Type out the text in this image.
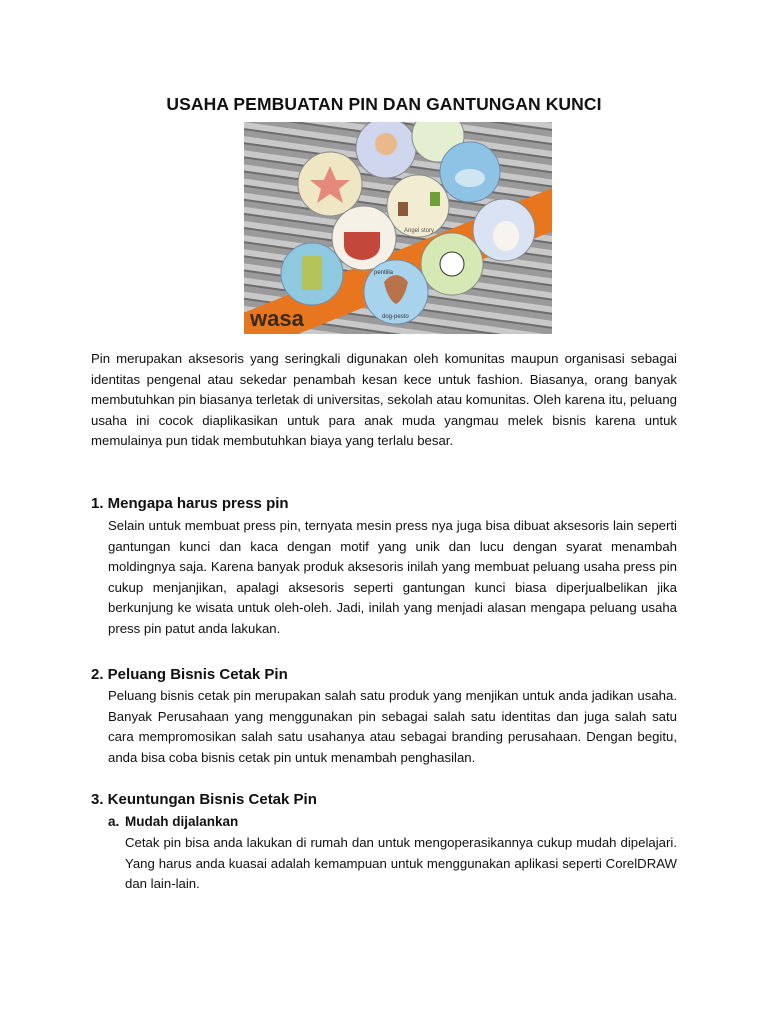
USAHA PEMBUATAN PIN DAN GANTUNGAN KUNCI
wasa
Angel story
pentilla
dog-pesto
Pin merupakan aksesoris yang seringkali digunakan oleh komunitas maupun organisasi sebagai identitas pengenal atau sekedar penambah kesan kece untuk fashion. Biasanya, orang banyak membutuhkan pin biasanya terletak di universitas, sekolah atau komunitas. Oleh karena itu, peluang usaha ini cocok diaplikasikan untuk para anak muda yangmau melek bisnis karena untuk memulainya pun tidak membutuhkan biaya yang terlalu besar.
1. Mengapa harus press pin
Selain untuk membuat press pin, ternyata mesin press nya juga bisa dibuat aksesoris lain seperti gantungan kunci dan kaca dengan motif yang unik dan lucu dengan syarat menambah moldingnya saja. Karena banyak produk aksesoris inilah yang membuat peluang usaha press pin cukup menjanjikan, apalagi aksesoris seperti gantungan kunci biasa diperjualbelikan jika berkunjung ke wisata untuk oleh-oleh. Jadi, inilah yang menjadi alasan mengapa peluang usaha press pin patut anda lakukan.
2. Peluang Bisnis Cetak Pin
Peluang bisnis cetak pin merupakan salah satu produk yang menjikan untuk anda jadikan usaha. Banyak Perusahaan yang menggunakan pin sebagai salah satu identitas dan juga salah satu cara mempromosikan salah satu usahanya atau sebagai branding perusahaan. Dengan begitu, anda bisa coba bisnis cetak pin untuk menambah penghasilan.
3. Keuntungan Bisnis Cetak Pin
a. Mudah dijalankan
Cetak pin bisa anda lakukan di rumah dan untuk mengoperasikannya cukup mudah dipelajari. Yang harus anda kuasai adalah kemampuan untuk menggunakan aplikasi seperti CorelDRAW dan lain-lain.
